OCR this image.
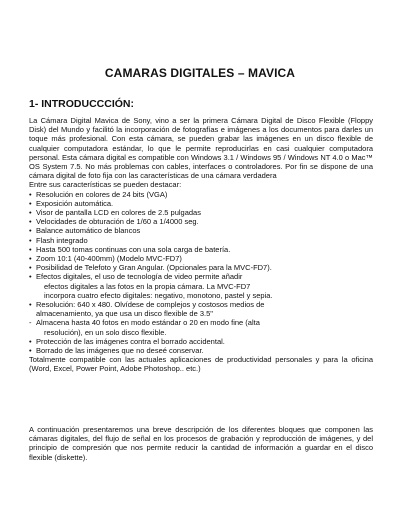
CAMARAS DIGITALES – MAVICA
1- INTRODUCCCIÓN:

La Cámara Digital Mavica de Sony, vino a ser la primera Cámara Digital de Disco Flexible (Floppy Disk) del Mundo y facilitó la incorporación de fotografías e imágenes a los documentos para darles un toque más profesional. Con esta cámara, se pueden grabar las imágenes en un disco flexible de cualquier computadora estándar, lo que le permite reproducirlas en casi cualquier computadora personal. Esta cámara digital es compatible con Windows 3.1 / Windows 95 / Windows NT 4.0 o Mac™ OS System 7.5. No más problemas con cables, interfaces o controladores. Por fin se dispone de una cámara digital de foto fija con las características de una cámara verdadera

Entre sus características se pueden destacar:

• Resolución en colores de 24 bits (VGA)
• Exposición automática.
• Visor de pantalla LCD en colores de 2.5 pulgadas
• Velocidades de obturación de 1/60 a 1/4000 seg.
• Balance automático de blancos
• Flash integrado
• Hasta 500 tomas continuas con una sola carga de batería.
• Zoom 10:1 (40-400mm) (Modelo MVC-FD7)
• Posibilidad de Telefoto y Gran Angular. (Opcionales para la MVC-FD7).
• Efectos digitales, el uso de tecnología de video permite añadir
efectos digitales a las fotos en la propia cámara. La MVC-FD7
incorpora cuatro efecto digitales: negativo, monotono, pastel y sepia.
• Resolución: 640 x 480. Olvídese de complejos y costosos medios de
almacenamiento, ya que usa un disco flexible de 3.5"
- Almacena hasta 40 fotos en modo estándar o 20 en modo fine (alta
resolución), en un solo disco flexible.
• Protección de las imágenes contra el borrado accidental.
• Borrado de las imágenes que no deseé conservar.

Totalmente compatible con las actuales aplicaciones de productividad personales y para la oficina (Word, Excel, Power Point, Adobe Photoshop.. etc.)

A continuación presentaremos una breve descripción de los diferentes bloques que componen las cámaras digitales, del flujo de señal en los procesos de grabación y reproducción de imágenes, y del principio de compresión que nos permite reducir la cantidad de información a guardar en el disco flexible (diskette).
